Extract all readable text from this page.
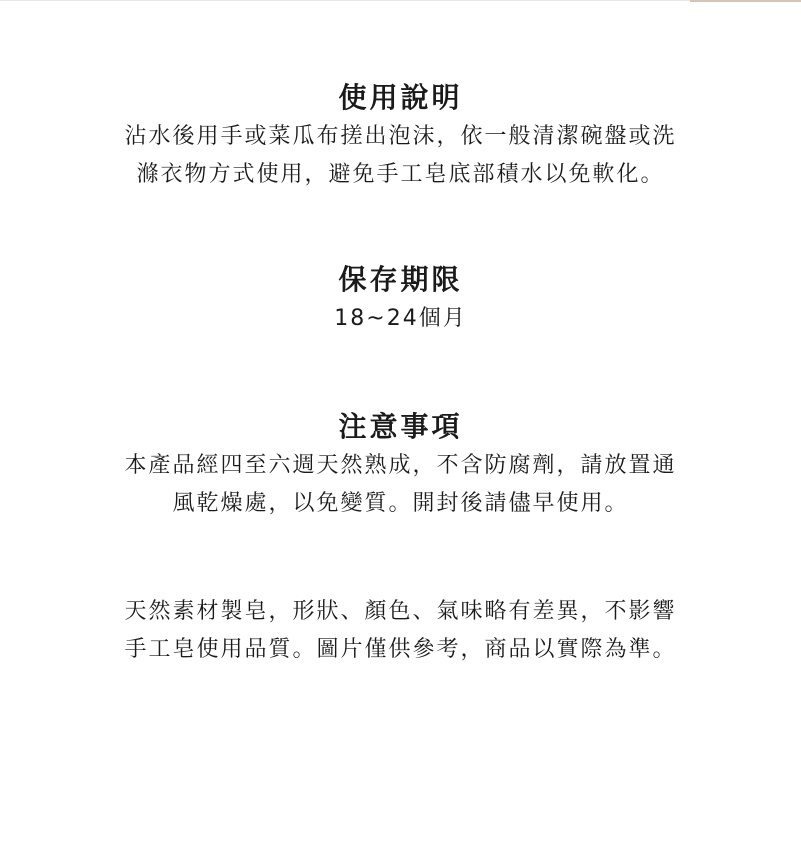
使用說明

沾水後用手或菜瓜布搓出泡沫，依一般清潔碗盤或洗
滌衣物方式使用，避免手工皂底部積水以免軟化。

保存期限

18~24個月

注意事項

本產品經四至六週天然熟成，不含防腐劑，請放置通
風乾燥處，以免變質。開封後請儘早使用。

天然素材製皂，形狀、顏色、氣味略有差異，不影響
手工皂使用品質。圖片僅供參考，商品以實際為準。
